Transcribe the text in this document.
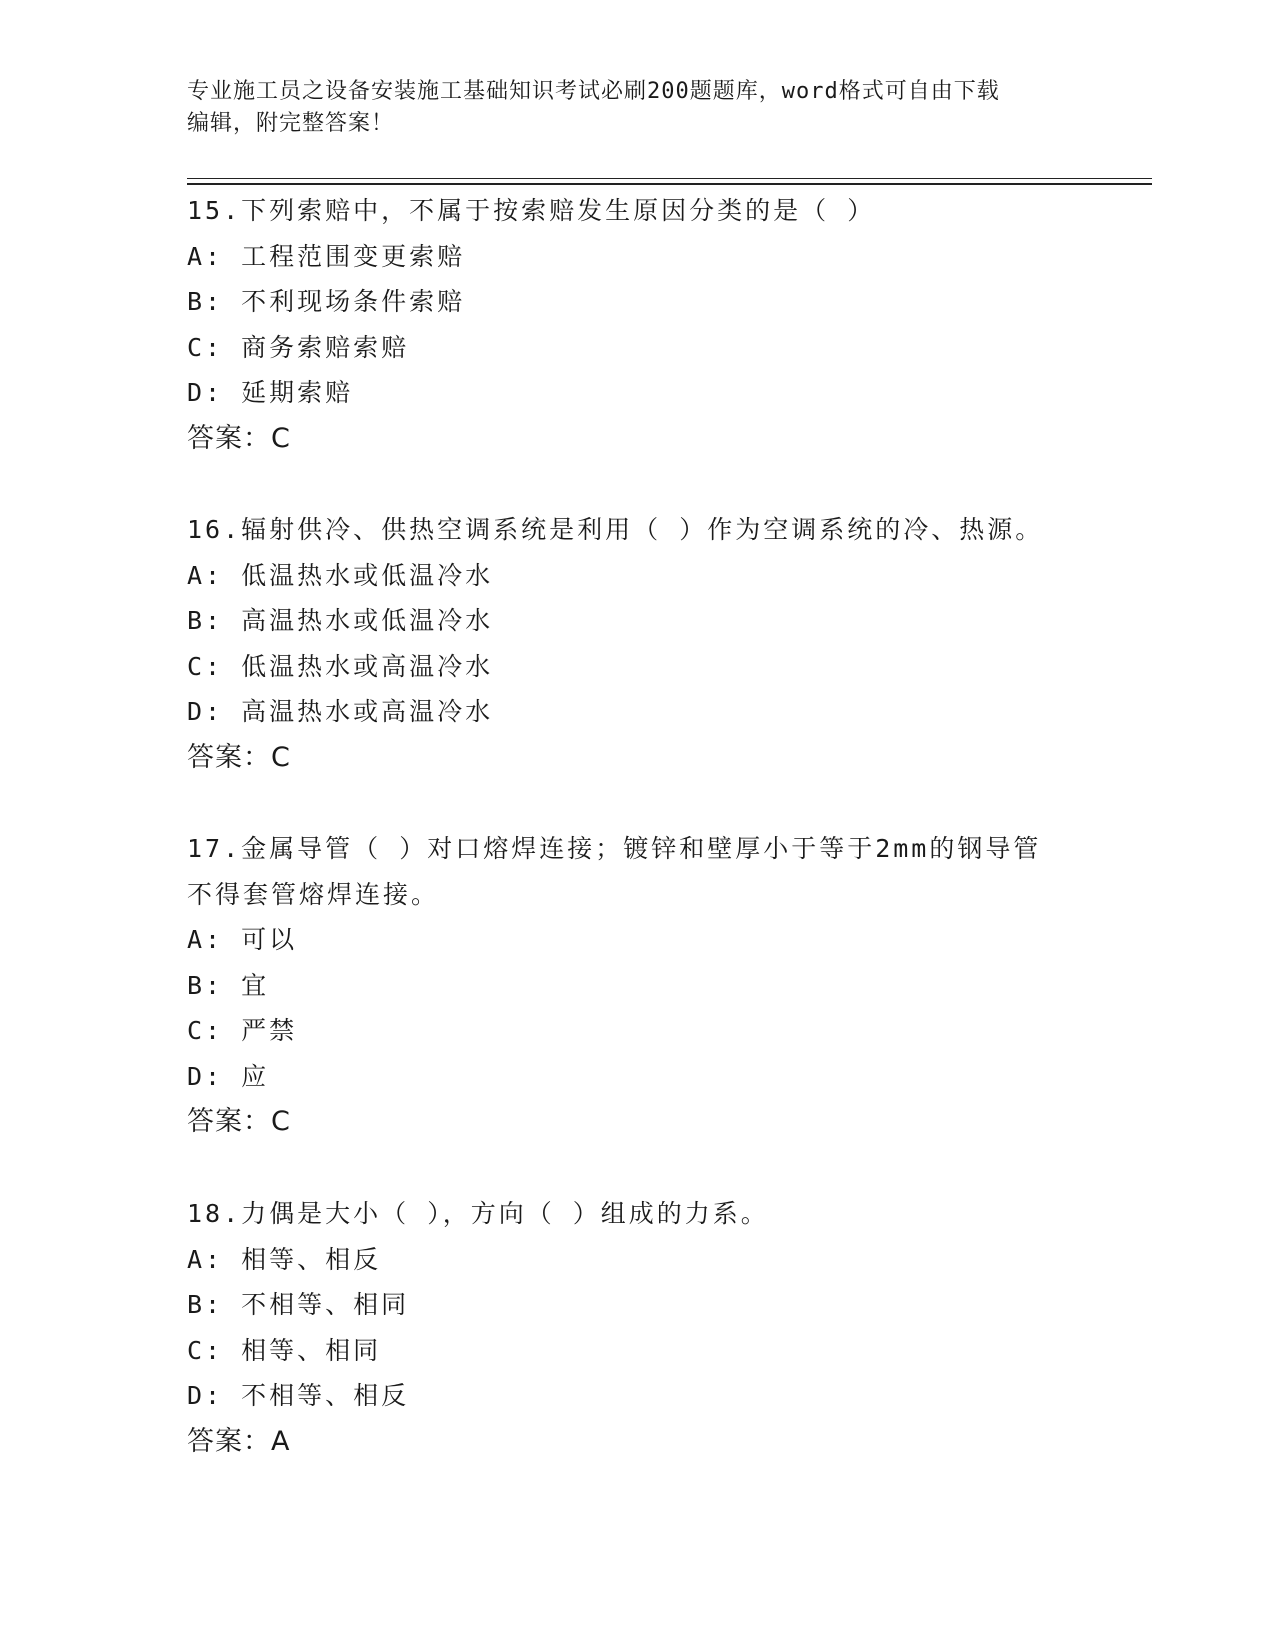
专业施工员之设备安装施工基础知识考试必刷200题题库，word格式可自由下载
编辑，附完整答案！
15.下列索赔中，不属于按索赔发生原因分类的是（ ）
A: 工程范围变更索赔
B: 不利现场条件索赔
C: 商务索赔索赔
D: 延期索赔
答案：C
16.辐射供冷、供热空调系统是利用（ ）作为空调系统的冷、热源。
A: 低温热水或低温冷水
B: 高温热水或低温冷水
C: 低温热水或高温冷水
D: 高温热水或高温冷水
答案：C
17.金属导管（ ）对口熔焊连接；镀锌和壁厚小于等于2mm的钢导管
不得套管熔焊连接。
A: 可以
B: 宜
C: 严禁
D: 应
答案：C
18.力偶是大小（ ），方向（ ）组成的力系。
A: 相等、相反
B: 不相等、相同
C: 相等、相同
D: 不相等、相反
答案：A
